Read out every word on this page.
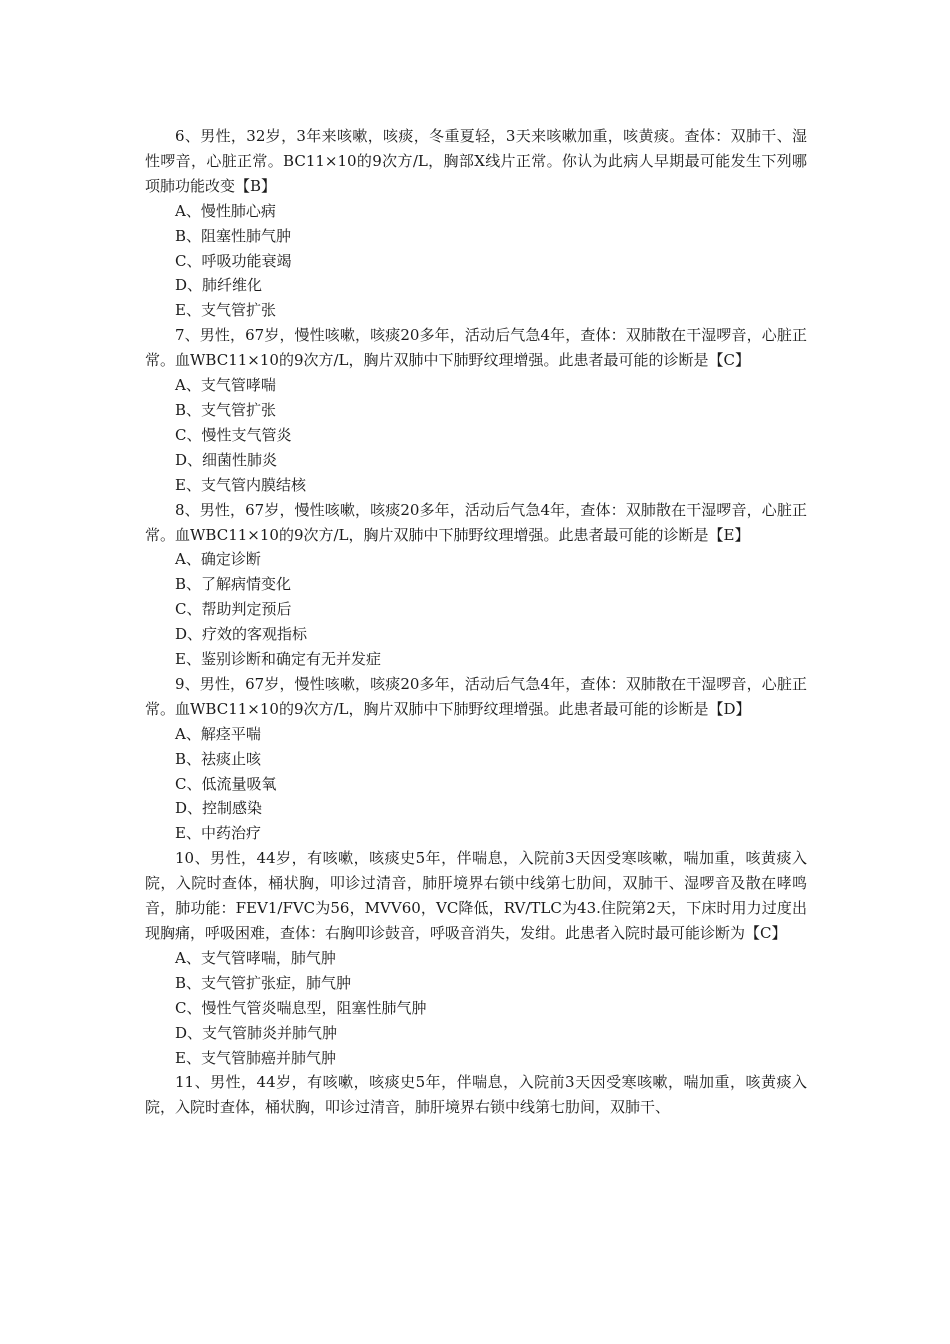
6、男性，32岁，3年来咳嗽，咳痰，冬重夏轻，3天来咳嗽加重，咳黄痰。查体：双肺干、湿性啰音，心脏正常。BC11×10的9次方/L，胸部X线片正常。你认为此病人早期最可能发生下列哪项肺功能改变【B】

A、慢性肺心病

B、阻塞性肺气肿

C、呼吸功能衰竭

D、肺纤维化

E、支气管扩张

7、男性，67岁，慢性咳嗽，咳痰20多年，活动后气急4年，查体：双肺散在干湿啰音，心脏正常。血WBC11×10的9次方/L，胸片双肺中下肺野纹理增强。此患者最可能的诊断是【C】

A、支气管哮喘

B、支气管扩张

C、慢性支气管炎

D、细菌性肺炎

E、支气管内膜结核

8、男性，67岁，慢性咳嗽，咳痰20多年，活动后气急4年，查体：双肺散在干湿啰音，心脏正常。血WBC11×10的9次方/L，胸片双肺中下肺野纹理增强。此患者最可能的诊断是【E】

A、确定诊断

B、了解病情变化

C、帮助判定预后

D、疗效的客观指标

E、鉴别诊断和确定有无并发症

9、男性，67岁，慢性咳嗽，咳痰20多年，活动后气急4年，查体：双肺散在干湿啰音，心脏正常。血WBC11×10的9次方/L，胸片双肺中下肺野纹理增强。此患者最可能的诊断是【D】

A、解痉平喘

B、祛痰止咳

C、低流量吸氧

D、控制感染

E、中药治疗

10、男性，44岁，有咳嗽，咳痰史5年，伴喘息，入院前3天因受寒咳嗽，喘加重，咳黄痰入院，入院时查体，桶状胸，叩诊过清音，肺肝境界右锁中线第七肋间，双肺干、湿啰音及散在哮鸣音，肺功能：FEV1/FVC为56，MVV60，VC降低，RV/TLC为43.住院第2天，下床时用力过度出现胸痛，呼吸困难，查体：右胸叩诊鼓音，呼吸音消失，发绀。此患者入院时最可能诊断为【C】

A、支气管哮喘，肺气肿

B、支气管扩张症，肺气肿

C、慢性气管炎喘息型，阻塞性肺气肿

D、支气管肺炎并肺气肿

E、支气管肺癌并肺气肿

11、男性，44岁，有咳嗽，咳痰史5年，伴喘息，入院前3天因受寒咳嗽，喘加重，咳黄痰入院，入院时查体，桶状胸，叩诊过清音，肺肝境界右锁中线第七肋间，双肺干、
